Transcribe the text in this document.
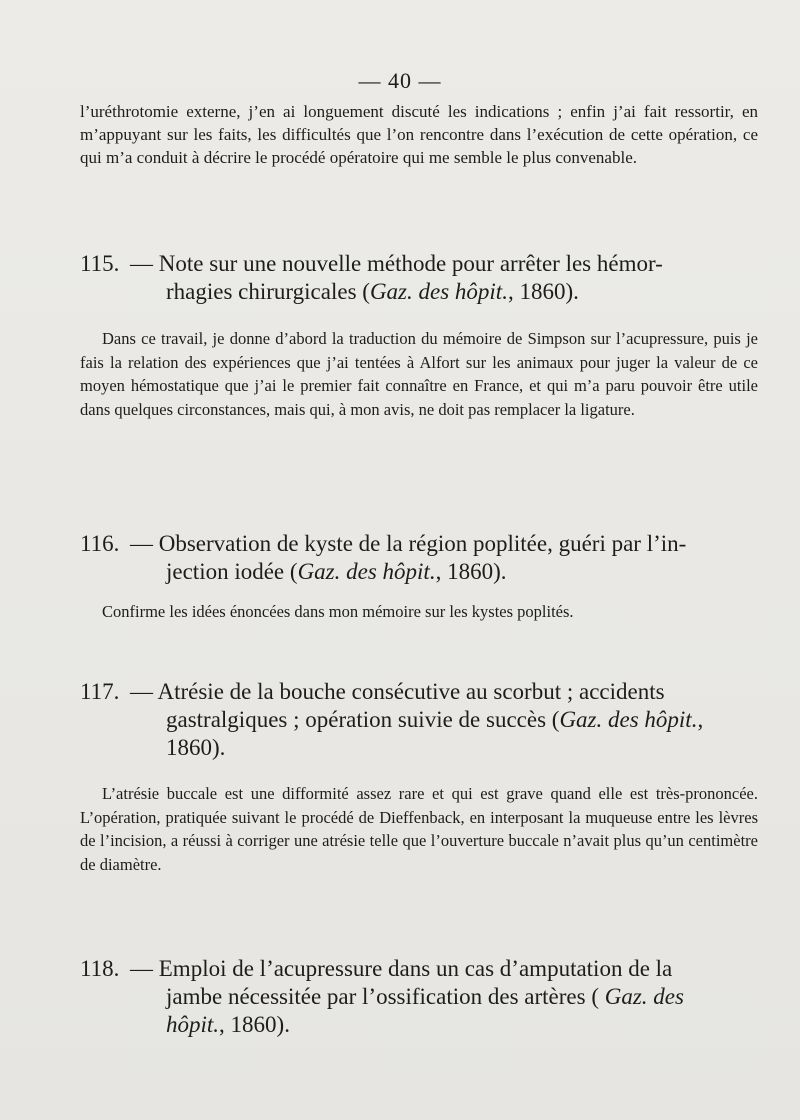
— 40 —
l’uréthrotomie externe, j’en ai longuement discuté les indications ; enfin j’ai fait ressortir, en m’appuyant sur les faits, les difficultés que l’on rencontre dans l’exécution de cette opération, ce qui m’a conduit à décrire le procédé opératoire qui me semble le plus convenable.
115. — Note sur une nouvelle méthode pour arrêter les hémor-
rhagies chirurgicales (Gaz. des hôpit., 1860).

Dans ce travail, je donne d’abord la traduction du mémoire de Simpson sur l’acupressure, puis je fais la relation des expériences que j’ai tentées à Alfort sur les animaux pour juger la valeur de ce moyen hémostatique que j’ai le premier fait connaître en France, et qui m’a paru pouvoir être utile dans quelques circonstances, mais qui, à mon avis, ne doit pas remplacer la ligature.

116. — Observation de kyste de la région poplitée, guéri par l’in-
jection iodée (Gaz. des hôpit., 1860).

Confirme les idées énoncées dans mon mémoire sur les kystes poplités.

117. — Atrésie de la bouche consécutive au scorbut ; accidents
gastralgiques ; opération suivie de succès (Gaz. des hôpit.,
1860).

L’atrésie buccale est une difformité assez rare et qui est grave quand elle est très-prononcée. L’opération, pratiquée suivant le procédé de Dieffenback, en interposant la muqueuse entre les lèvres de l’incision, a réussi à corriger une atrésie telle que l’ouverture buccale n’avait plus qu’un centimètre de diamètre.

118. — Emploi de l’acupressure dans un cas d’amputation de la
jambe nécessitée par l’ossification des artères ( Gaz. des
hôpit., 1860).
